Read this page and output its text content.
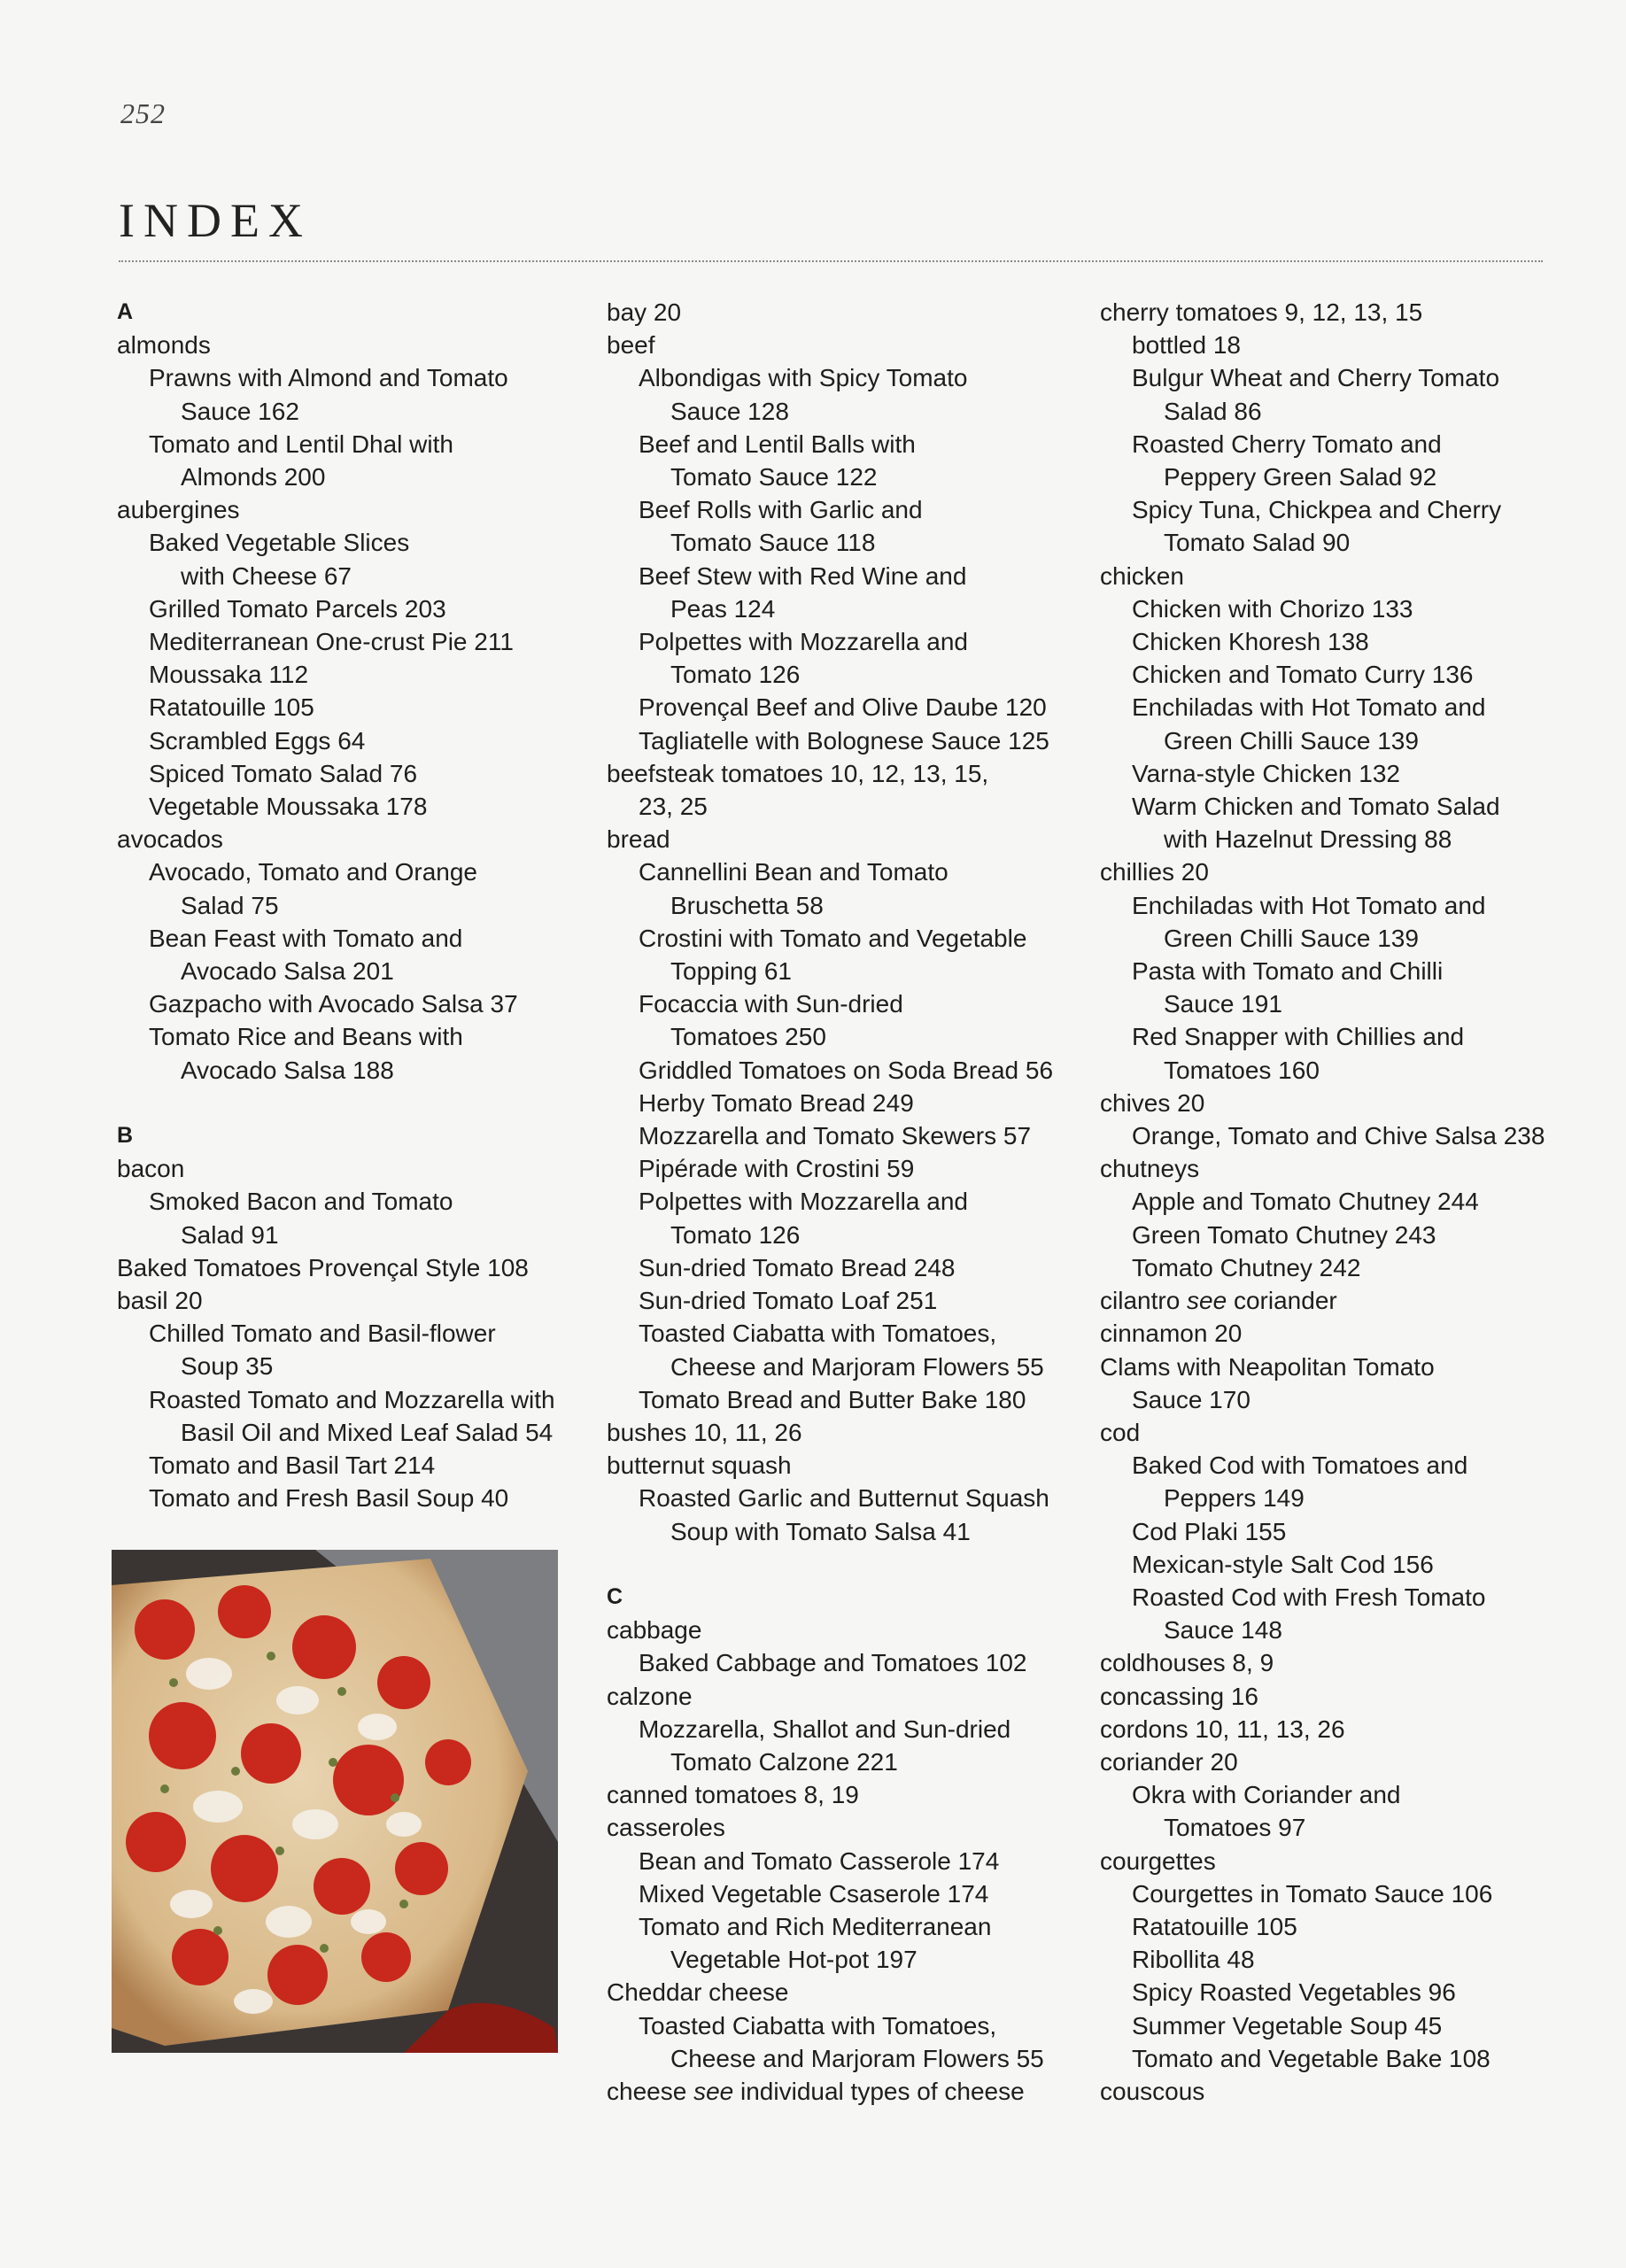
252
INDEX
A
almonds
Prawns with Almond and Tomato
Sauce 162
Tomato and Lentil Dhal with
Almonds 200
aubergines
Baked Vegetable Slices
with Cheese 67
Grilled Tomato Parcels 203
Mediterranean One-crust Pie 211
Moussaka 112
Ratatouille 105
Scrambled Eggs 64
Spiced Tomato Salad 76
Vegetable Moussaka 178
avocados
Avocado, Tomato and Orange
Salad 75
Bean Feast with Tomato and
Avocado Salsa 201
Gazpacho with Avocado Salsa 37
Tomato Rice and Beans with
Avocado Salsa 188
B
bacon
Smoked Bacon and Tomato
Salad 91
Baked Tomatoes Provençal Style 108
basil 20
Chilled Tomato and Basil-flower
Soup 35
Roasted Tomato and Mozzarella with
Basil Oil and Mixed Leaf Salad 54
Tomato and Basil Tart 214
Tomato and Fresh Basil Soup 40
bay 20
beef
Albondigas with Spicy Tomato
Sauce 128
Beef and Lentil Balls with
Tomato Sauce 122
Beef Rolls with Garlic and
Tomato Sauce 118
Beef Stew with Red Wine and
Peas 124
Polpettes with Mozzarella and
Tomato 126
Provençal Beef and Olive Daube 120
Tagliatelle with Bolognese Sauce 125
beefsteak tomatoes 10, 12, 13, 15,
23, 25
bread
Cannellini Bean and Tomato
Bruschetta 58
Crostini with Tomato and Vegetable
Topping 61
Focaccia with Sun-dried
Tomatoes 250
Griddled Tomatoes on Soda Bread 56
Herby Tomato Bread 249
Mozzarella and Tomato Skewers 57
Pipérade with Crostini 59
Polpettes with Mozzarella and
Tomato 126
Sun-dried Tomato Bread 248
Sun-dried Tomato Loaf 251
Toasted Ciabatta with Tomatoes,
Cheese and Marjoram Flowers 55
Tomato Bread and Butter Bake 180
bushes 10, 11, 26
butternut squash
Roasted Garlic and Butternut Squash
Soup with Tomato Salsa 41
C
cabbage
Baked Cabbage and Tomatoes 102
calzone
Mozzarella, Shallot and Sun-dried
Tomato Calzone 221
canned tomatoes 8, 19
casseroles
Bean and Tomato Casserole 174
Mixed Vegetable Csaserole 174
Tomato and Rich Mediterranean
Vegetable Hot-pot 197
Cheddar cheese
Toasted Ciabatta with Tomatoes,
Cheese and Marjoram Flowers 55
cheese see individual types of cheese
cherry tomatoes 9, 12, 13, 15
bottled 18
Bulgur Wheat and Cherry Tomato
Salad 86
Roasted Cherry Tomato and
Peppery Green Salad 92
Spicy Tuna, Chickpea and Cherry
Tomato Salad 90
chicken
Chicken with Chorizo 133
Chicken Khoresh 138
Chicken and Tomato Curry 136
Enchiladas with Hot Tomato and
Green Chilli Sauce 139
Varna-style Chicken 132
Warm Chicken and Tomato Salad
with Hazelnut Dressing 88
chillies 20
Enchiladas with Hot Tomato and
Green Chilli Sauce 139
Pasta with Tomato and Chilli
Sauce 191
Red Snapper with Chillies and
Tomatoes 160
chives 20
Orange, Tomato and Chive Salsa 238
chutneys
Apple and Tomato Chutney 244
Green Tomato Chutney 243
Tomato Chutney 242
cilantro see coriander
cinnamon 20
Clams with Neapolitan Tomato
Sauce 170
cod
Baked Cod with Tomatoes and
Peppers 149
Cod Plaki 155
Mexican-style Salt Cod 156
Roasted Cod with Fresh Tomato
Sauce 148
coldhouses 8, 9
concassing 16
cordons 10, 11, 13, 26
coriander 20
Okra with Coriander and
Tomatoes 97
courgettes
Courgettes in Tomato Sauce 106
Ratatouille 105
Ribollita 48
Spicy Roasted Vegetables 96
Summer Vegetable Soup 45
Tomato and Vegetable Bake 108
couscous
